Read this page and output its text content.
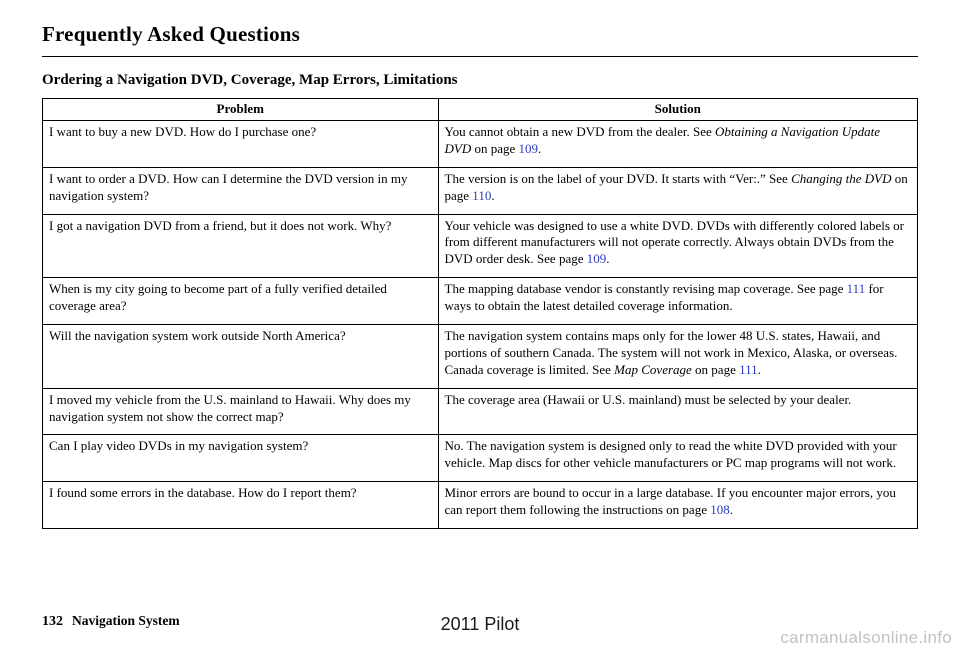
Frequently Asked Questions
Ordering a Navigation DVD, Coverage, Map Errors, Limitations
Problem	Solution
I want to buy a new DVD. How do I purchase one?	You cannot obtain a new DVD from the dealer. See Obtaining a Navigation Update DVD on page 109.
I want to order a DVD. How can I determine the DVD version in my navigation system?	The version is on the label of your DVD. It starts with “Ver:.” See Changing the DVD on page 110.
I got a navigation DVD from a friend, but it does not work. Why?	Your vehicle was designed to use a white DVD. DVDs with differently colored labels or from different manufacturers will not operate correctly. Always obtain DVDs from the DVD order desk. See page 109.
When is my city going to become part of a fully verified detailed coverage area?	The mapping database vendor is constantly revising map coverage. See page 111 for ways to obtain the latest detailed coverage information.
Will the navigation system work outside North America?	The navigation system contains maps only for the lower 48 U.S. states, Hawaii, and portions of southern Canada. The system will not work in Mexico, Alaska, or overseas. Canada coverage is limited. See Map Coverage on page 111.
I moved my vehicle from the U.S. mainland to Hawaii. Why does my navigation system not show the correct map?	The coverage area (Hawaii or U.S. mainland) must be selected by your dealer.
Can I play video DVDs in my navigation system?	No. The navigation system is designed only to read the white DVD provided with your vehicle. Map discs for other vehicle manufacturers or PC map programs will not work.
I found some errors in the database. How do I report them?	Minor errors are bound to occur in a large database. If you encounter major errors, you can report them following the instructions on page 108.
132 Navigation System	2011 Pilot
carmanualsonline.info
